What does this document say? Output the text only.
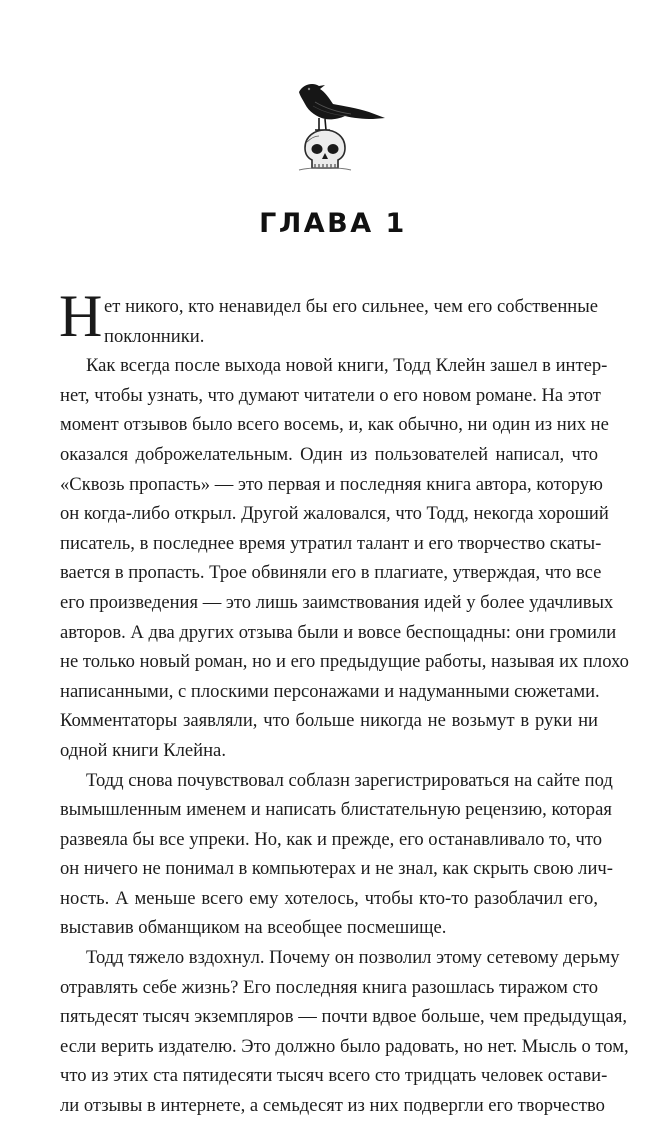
ГЛАВА 1
Н ет никого, кто ненавидел бы его сильнее, чем его собственные
поклонники.
Как всегда после выхода новой книги, Тодд Клейн зашел в интер-
нет, чтобы узнать, что думают читатели о его новом романе. На этот
момент отзывов было всего восемь, и, как обычно, ни один из них не
оказался доброжелательным. Один из пользователей написал, что
«Сквозь пропасть» — это первая и последняя книга автора, которую
он когда-либо открыл. Другой жаловался, что Тодд, некогда хороший
писатель, в последнее время утратил талант и его творчество скаты-
вается в пропасть. Трое обвиняли его в плагиате, утверждая, что все
его произведения — это лишь заимствования идей у более удачливых
авторов. А два других отзыва были и вовсе беспощадны: они громили
не только новый роман, но и его предыдущие работы, называя их плохо
написанными, с плоскими персонажами и надуманными сюжетами.
Комментаторы заявляли, что больше никогда не возьмут в руки ни
одной книги Клейна.
Тодд снова почувствовал соблазн зарегистрироваться на сайте под
вымышленным именем и написать блистательную рецензию, которая
развеяла бы все упреки. Но, как и прежде, его останавливало то, что
он ничего не понимал в компьютерах и не знал, как скрыть свою лич-
ность. А меньше всего ему хотелось, чтобы кто-то разоблачил его,
выставив обманщиком на всеобщее посмешище.
Тодд тяжело вздохнул. Почему он позволил этому сетевому дерьму
отравлять себе жизнь? Его последняя книга разошлась тиражом сто
пятьдесят тысяч экземпляров — почти вдвое больше, чем предыдущая,
если верить издателю. Это должно было радовать, но нет. Мысль о том,
что из этих ста пятидесяти тысяч всего сто тридцать человек остави-
ли отзывы в интернете, а семьдесят из них подвергли его творчество
